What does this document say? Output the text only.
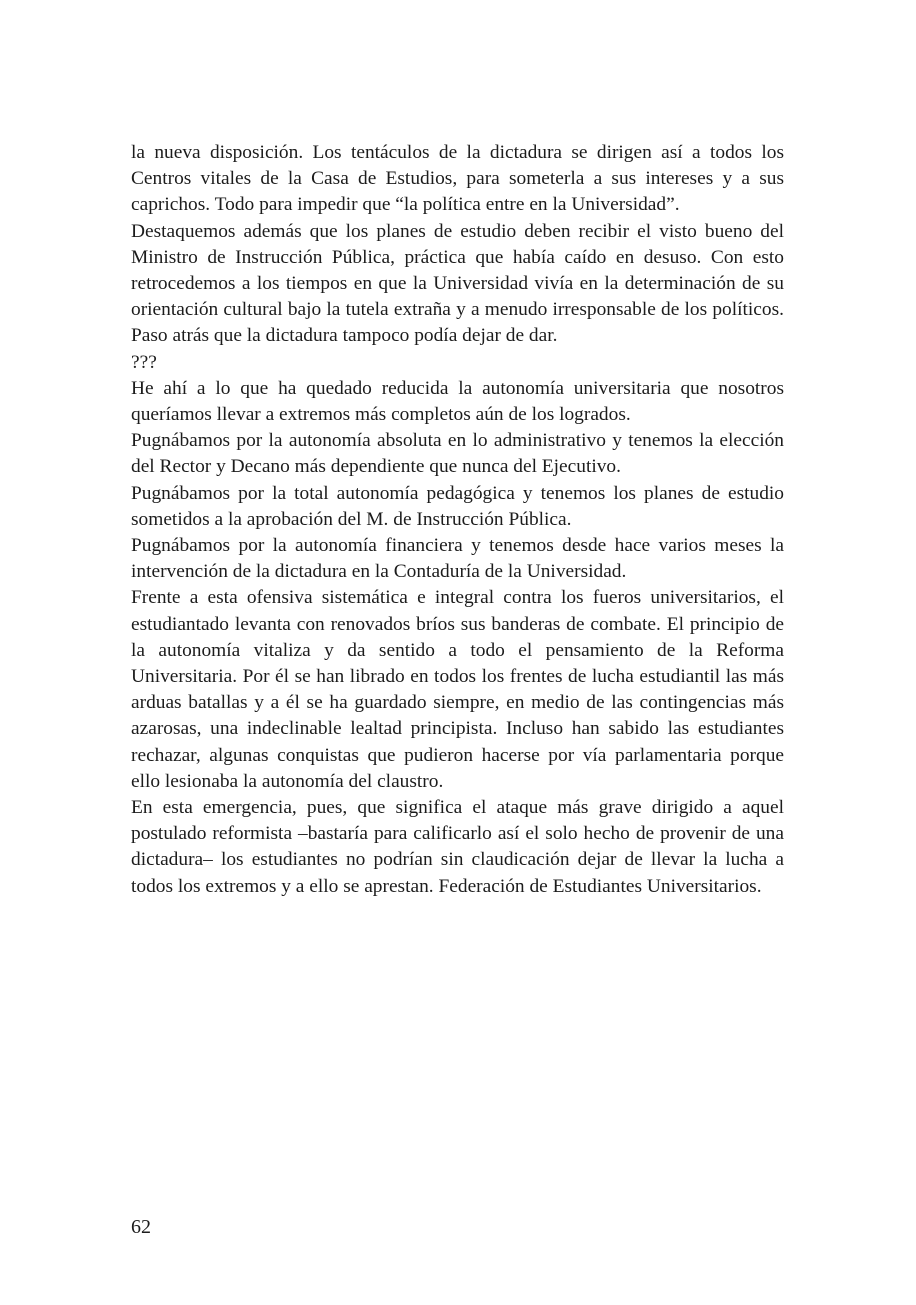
la nueva disposición. Los tentáculos de la dictadura se dirigen así a todos los Centros vitales de la Casa de Estudios, para someterla a sus intereses y a sus caprichos. Todo para impedir que “la política entre en la Universidad”.

Destaquemos además que los planes de estudio deben recibir el visto bueno del Ministro de Instrucción Pública, práctica que había caído en desuso. Con esto retrocedemos a los tiempos en que la Universidad vivía en la determinación de su orientación cultural bajo la tutela extraña y a menudo irresponsable de los políticos. Paso atrás que la dictadura tampoco podía dejar de dar.

???

He ahí a lo que ha quedado reducida la autonomía universitaria que nosotros queríamos llevar a extremos más completos aún de los logrados.

Pugnábamos por la autonomía absoluta en lo administrativo y tenemos la elección del Rector y Decano más dependiente que nunca del Ejecutivo.

Pugnábamos por la total autonomía pedagógica y tenemos los planes de estudio sometidos a la aprobación del M. de Instrucción Pública.

Pugnábamos por la autonomía financiera y tenemos desde hace varios meses la intervención de la dictadura en la Contaduría de la Universidad.

Frente a esta ofensiva sistemática e integral contra los fueros universitarios, el estudiantado levanta con renovados bríos sus banderas de combate. El principio de la autonomía vitaliza y da sentido a todo el pensamiento de la Reforma Universitaria. Por él se han librado en todos los frentes de lucha estudiantil las más arduas batallas y a él se ha guardado siempre, en medio de las contingencias más azarosas, una indeclinable lealtad principista. Incluso han sabido las estudiantes rechazar, algunas conquistas que pudieron hacerse por vía parlamentaria porque ello lesionaba la autonomía del claustro.

En esta emergencia, pues, que significa el ataque más grave dirigido a aquel postulado reformista –bastaría para calificarlo así el solo hecho de provenir de una dictadura– los estudiantes no podrían sin claudicación dejar de llevar la lucha a todos los extremos y a ello se aprestan. Federación de Estudiantes Universitarios.

62
